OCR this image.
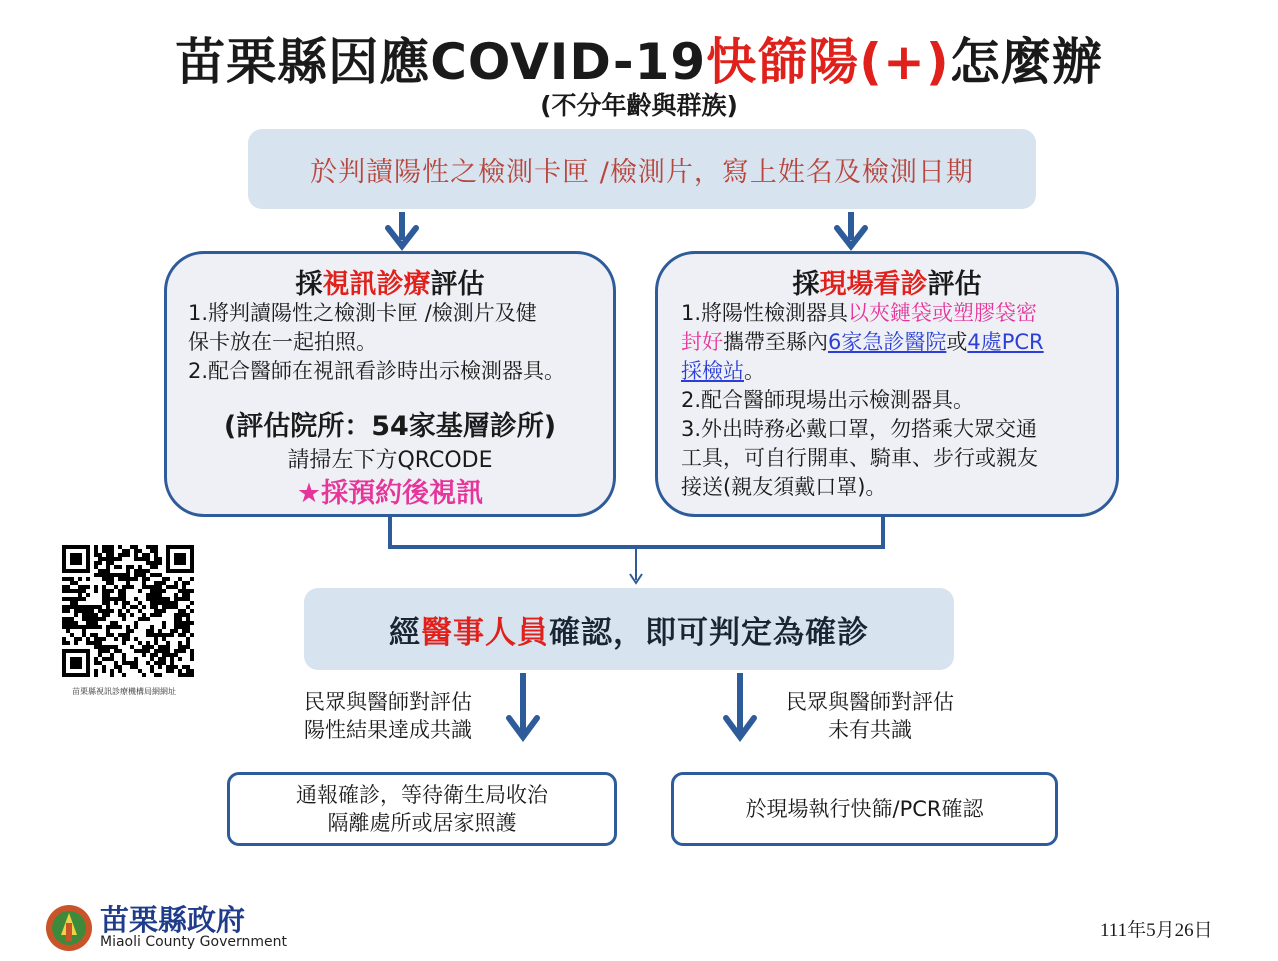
苗栗縣因應COVID-19快篩陽(+)怎麼辦
(不分年齡與群族)
於判讀陽性之檢測卡匣 /檢測片，寫上姓名及檢測日期
採視訊診療評估
1.將判讀陽性之檢測卡匣 /檢測片及健
保卡放在一起拍照。
2.配合醫師在視訊看診時出示檢測器具。
(評估院所：54家基層診所)
請掃左下方QRCODE
★採預約後視訊
採現場看診評估
1.將陽性檢測器具以夾鏈袋或塑膠袋密
封好攜帶至縣內6家急診醫院或4處PCR
採檢站。
2.配合醫師現場出示檢測器具。
3.外出時務必戴口罩，勿搭乘大眾交通
工具，可自行開車、騎車、步行或親友
接送(親友須戴口罩)。
苗栗縣視訊診療機構局網網址
經 醫事人員 確認，即可判定為確診
民眾與醫師對評估
陽性結果達成共識
民眾與醫師對評估
未有共識
通報確診，等待衛生局收治
隔離處所或居家照護
於現場執行快篩/PCR確認
苗栗縣政府
Miaoli County Government
111年5月26日
